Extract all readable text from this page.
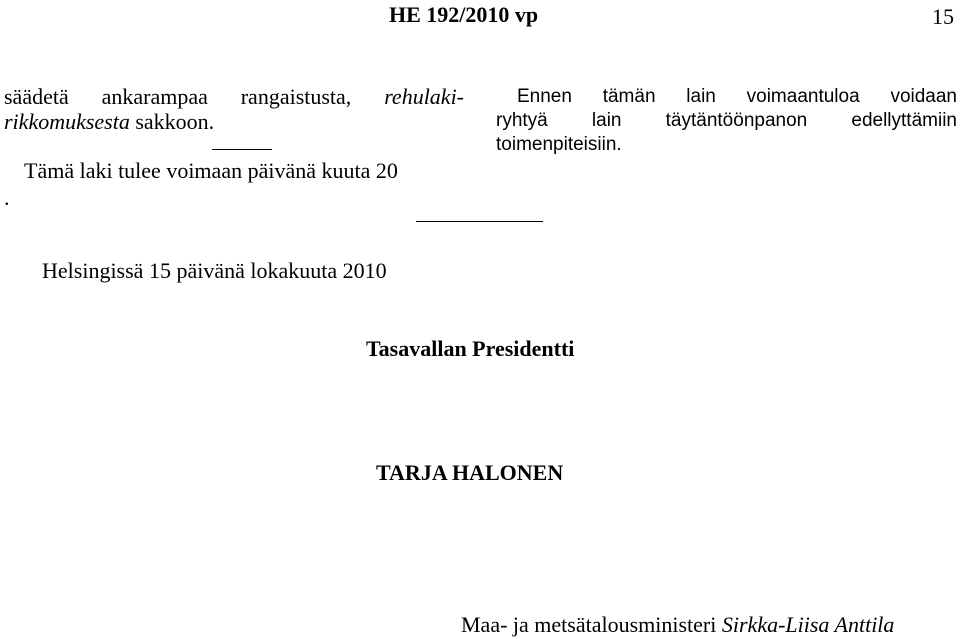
HE 192/2010 vp	15
säädetä ankarampaa rangaistusta, rehulaki-
rikkomuksesta sakkoon.
Tämä laki tulee voimaan päivänä kuuta 20
.
Ennen tämän lain voimaantuloa voidaan
ryhtyä lain täytäntöönpanon edellyttämiin
toimenpiteisiin.
Helsingissä 15 päivänä lokakuuta 2010
Tasavallan Presidentti
TARJA HALONEN
Maa- ja metsätalousministeri Sirkka-Liisa Anttila
